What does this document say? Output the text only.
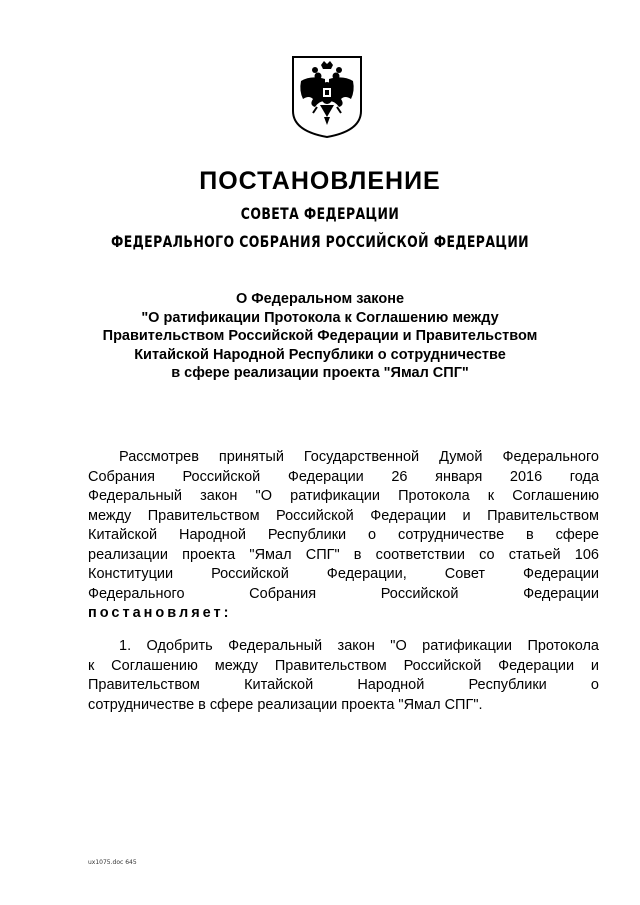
ПОСТАНОВЛЕНИЕ
СОВЕТА ФЕДЕРАЦИИ
ФЕДЕРАЛЬНОГО СОБРАНИЯ РОССИЙСКОЙ ФЕДЕРАЦИИ
О Федеральном законе
"О ратификации Протокола к Соглашению между
Правительством Российской Федерации и Правительством
Китайской Народной Республики о сотрудничестве
в сфере реализации проекта "Ямал СПГ"
Рассмотрев принятый Государственной Думой Федерального
Собрания Российской Федерации 26 января 2016 года
Федеральный закон "О ратификации Протокола к Соглашению
между Правительством Российской Федерации и Правительством
Китайской Народной Республики о сотрудничестве в сфере
реализации проекта "Ямал СПГ" в соответствии со статьей 106
Конституции Российской Федерации, Совет Федерации
Федерального Собрания Российской Федерации
постановляет:
1. Одобрить Федеральный закон "О ратификации Протокола
к Соглашению между Правительством Российской Федерации и
Правительством Китайской Народной Республики о
сотрудничестве в сфере реализации проекта "Ямал СПГ".
ux1075.doc 645
